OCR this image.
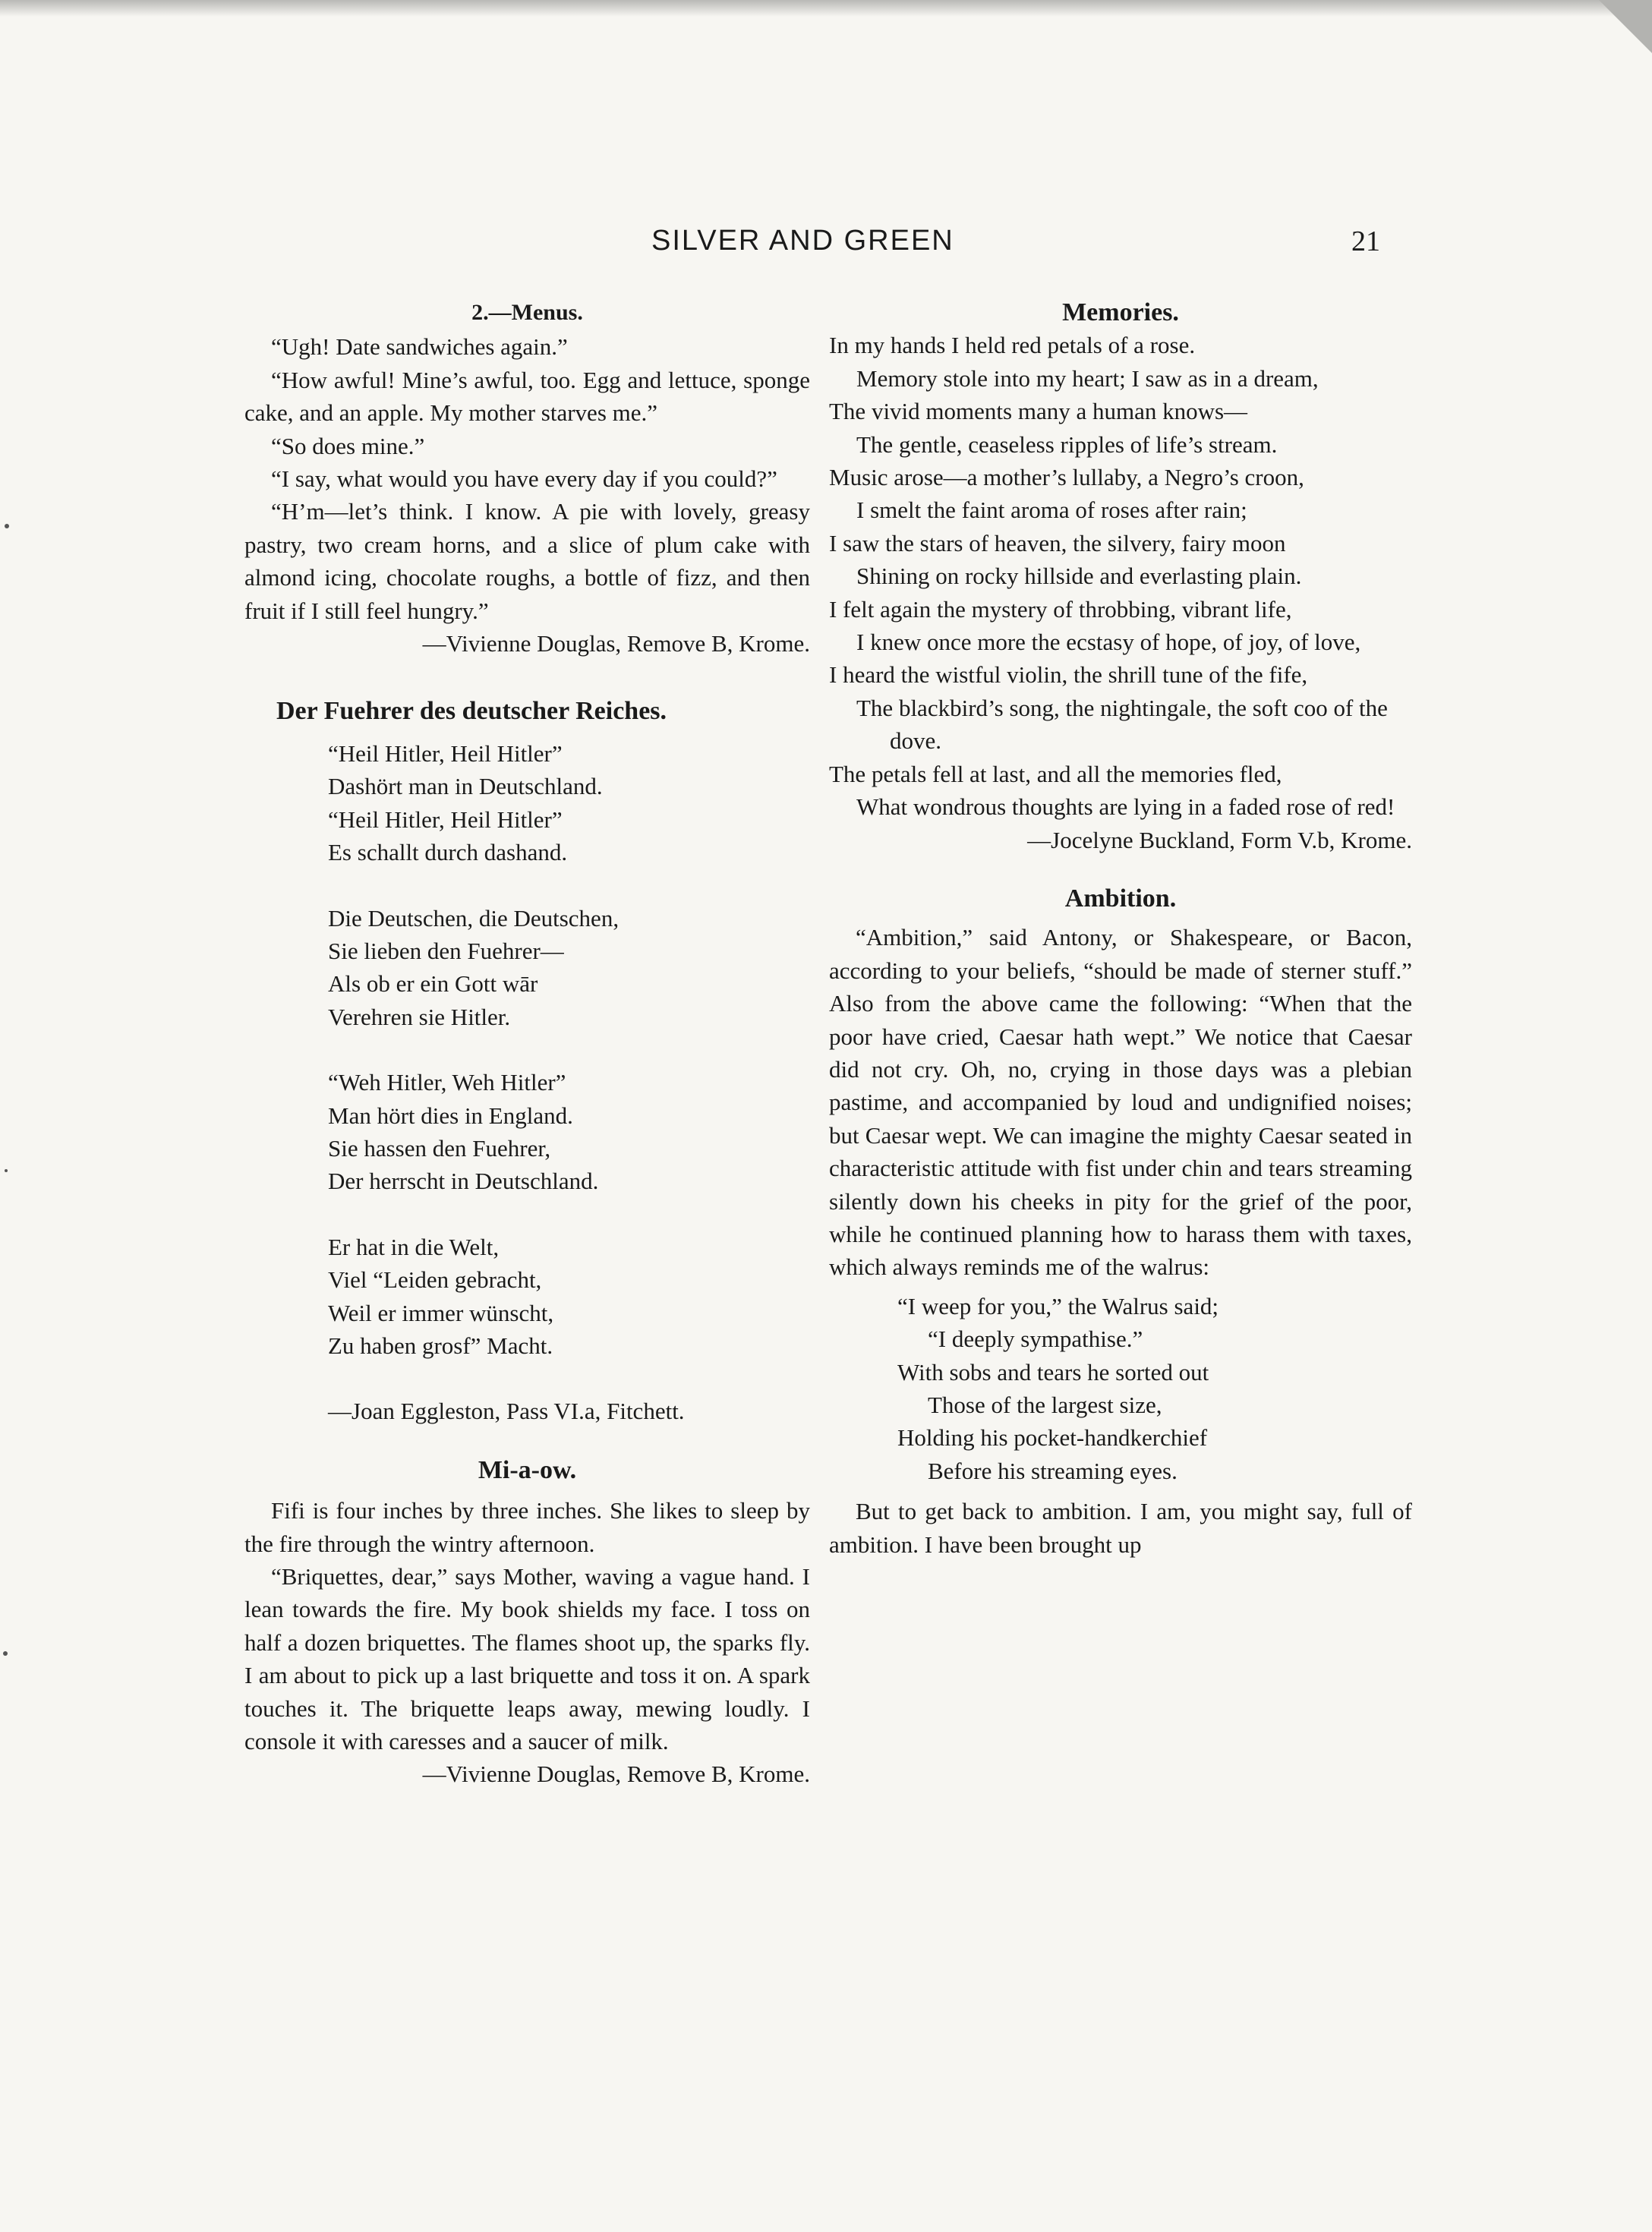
SILVER AND GREEN	21
2.—Menus.

“Ugh! Date sandwiches again.”

“How awful! Mine’s awful, too. Egg and lettuce, sponge cake, and an apple. My mother starves me.”

“So does mine.”

“I say, what would you have every day if you could?”

“H’m—let’s think. I know. A pie with lovely, greasy pastry, two cream horns, and a slice of plum cake with almond icing, chocolate roughs, a bottle of fizz, and then fruit if I still feel hungry.”

—Vivienne Douglas, Remove B, Krome.
Der Fuehrer des deutscher Reiches.
“Heil Hitler, Heil Hitler”
Dashört man in Deutschland.
“Heil Hitler, Heil Hitler”
Es schallt durch dashand.
Die Deutschen, die Deutschen,
Sie lieben den Fuehrer—
Als ob er ein Gott wār
Verehren sie Hitler.
“Weh Hitler, Weh Hitler”
Man hört dies in England.
Sie hassen den Fuehrer,
Der herrscht in Deutschland.
Er hat in die Welt,
Viel “Leiden gebracht,
Weil er immer wünscht,
Zu haben grosf” Macht.
—Joan Eggleston, Pass VI.a, Fitchett.
Mi-a-ow.

Fifi is four inches by three inches. She likes to sleep by the fire through the wintry afternoon.

“Briquettes, dear,” says Mother, waving a vague hand. I lean towards the fire. My book shields my face. I toss on half a dozen briquettes. The flames shoot up, the sparks fly. I am about to pick up a last briquette and toss it on. A spark touches it. The briquette leaps away, mewing loudly. I console it with caresses and a saucer of milk.

—Vivienne Douglas, Remove B, Krome.
Memories.
In my hands I held red petals of a rose.
Memory stole into my heart; I saw as in a dream,
The vivid moments many a human knows—
The gentle, ceaseless ripples of life’s stream.
Music arose—a mother’s lullaby, a Negro’s croon,
I smelt the faint aroma of roses after rain;
I saw the stars of heaven, the silvery, fairy moon
Shining on rocky hillside and everlasting plain.
I felt again the mystery of throbbing, vibrant life,
I knew once more the ecstasy of hope, of joy, of love,
I heard the wistful violin, the shrill tune of the fife,
The blackbird’s song, the nightingale, the soft coo of the dove.
The petals fell at last, and all the memories fled,
What wondrous thoughts are lying in a faded rose of red!
—Jocelyne Buckland, Form V.b, Krome.
Ambition.

“Ambition,” said Antony, or Shakespeare, or Bacon, according to your beliefs, “should be made of sterner stuff.” Also from the above came the following: “When that the poor have cried, Caesar hath wept.” We notice that Caesar did not cry. Oh, no, crying in those days was a plebian pastime, and accompanied by loud and undignified noises; but Caesar wept. We can imagine the mighty Caesar seated in characteristic attitude with fist under chin and tears streaming silently down his cheeks in pity for the grief of the poor, while he continued planning how to harass them with taxes, which always reminds me of the walrus:

“I weep for you,” the Walrus said;
“I deeply sympathise.”
With sobs and tears he sorted out
Those of the largest size,
Holding his pocket-handkerchief
Before his streaming eyes.

But to get back to ambition. I am, you might say, full of ambition. I have been brought up
